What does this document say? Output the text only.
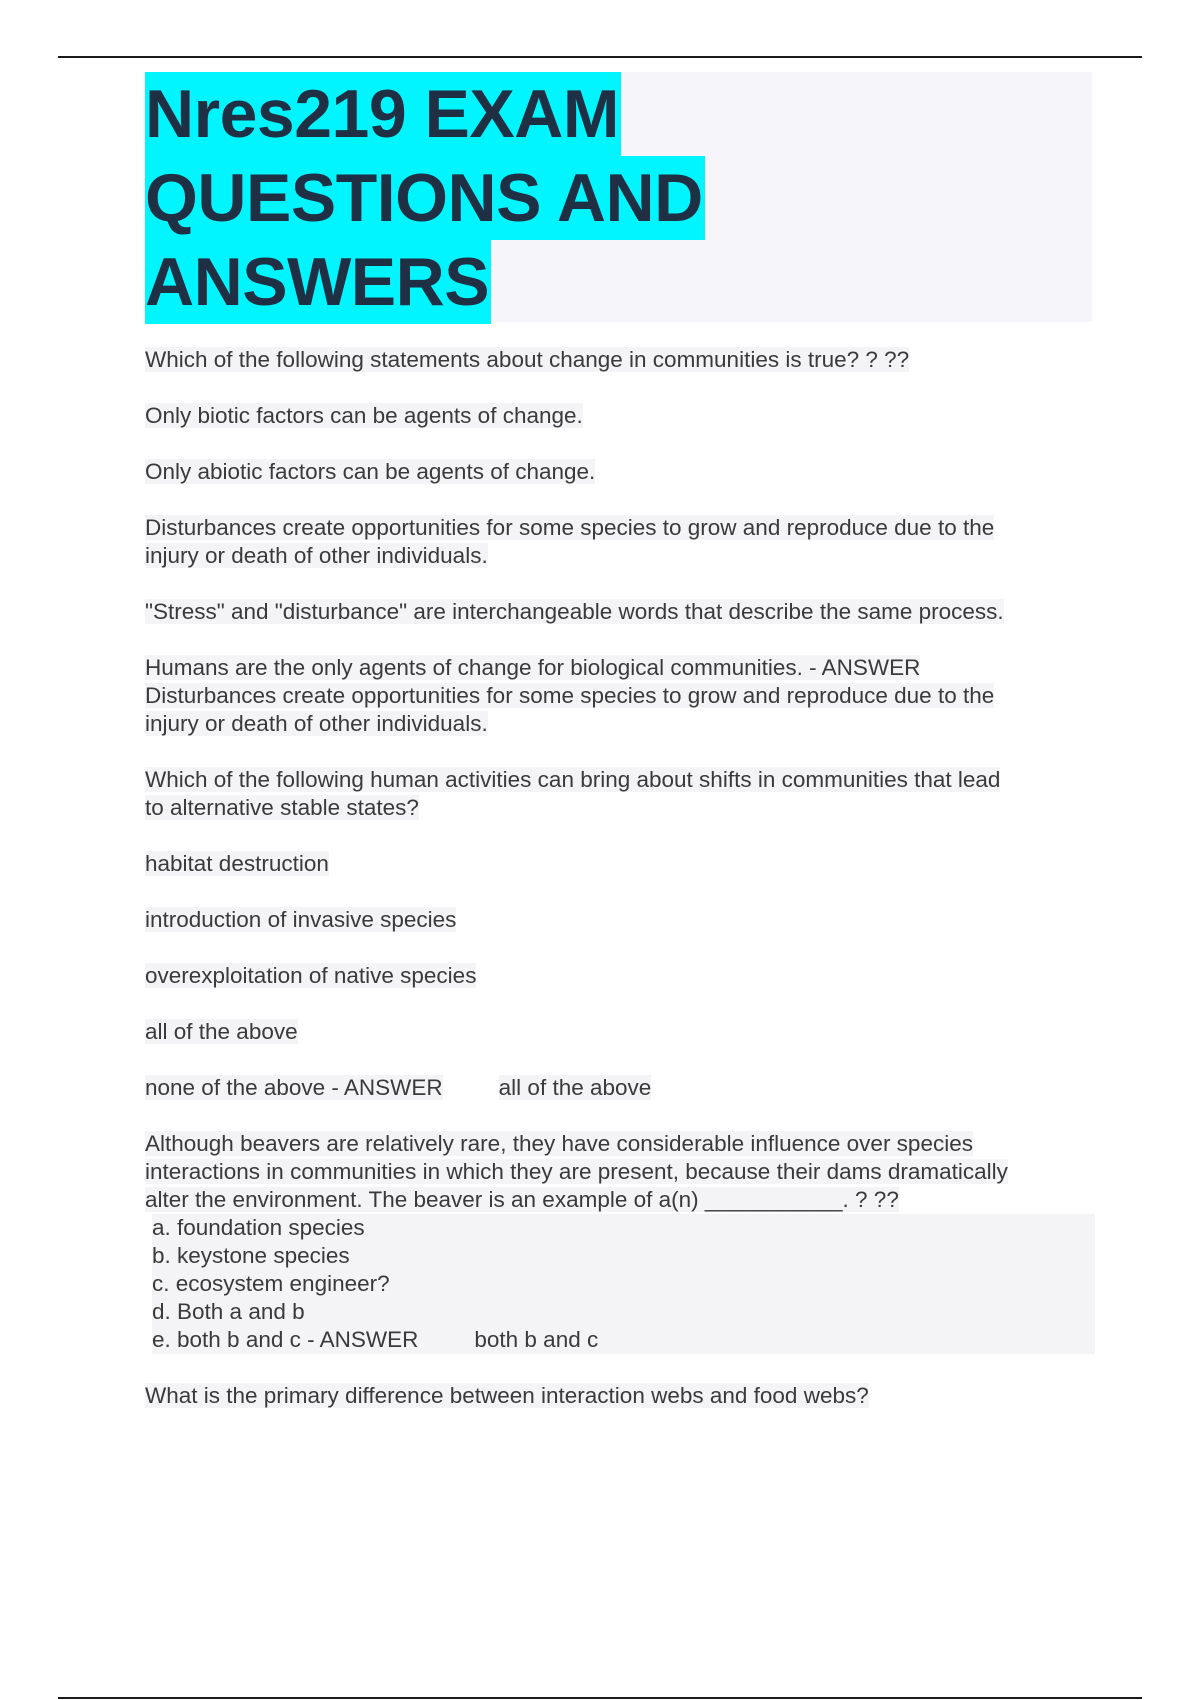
Nres219 EXAM
QUESTIONS AND
ANSWERS
Which of the following statements about change in communities is true? ? ??
Only biotic factors can be agents of change.
Only abiotic factors can be agents of change.
Disturbances create opportunities for some species to grow and reproduce due to the
injury or death of other individuals.
"Stress" and "disturbance" are interchangeable words that describe the same process.
Humans are the only agents of change for biological communities. - ANSWER
Disturbances create opportunities for some species to grow and reproduce due to the
injury or death of other individuals.
Which of the following human activities can bring about shifts in communities that lead
to alternative stable states?
habitat destruction
introduction of invasive species
overexploitation of native species
all of the above
none of the above - ANSWER all of the above
Although beavers are relatively rare, they have considerable influence over species
interactions in communities in which they are present, because their dams dramatically
alter the environment. The beaver is an example of a(n) ___________. ? ??
a. foundation species
b. keystone species
c. ecosystem engineer?
d. Both a and b
e. both b and c - ANSWER both b and c
What is the primary difference between interaction webs and food webs?
